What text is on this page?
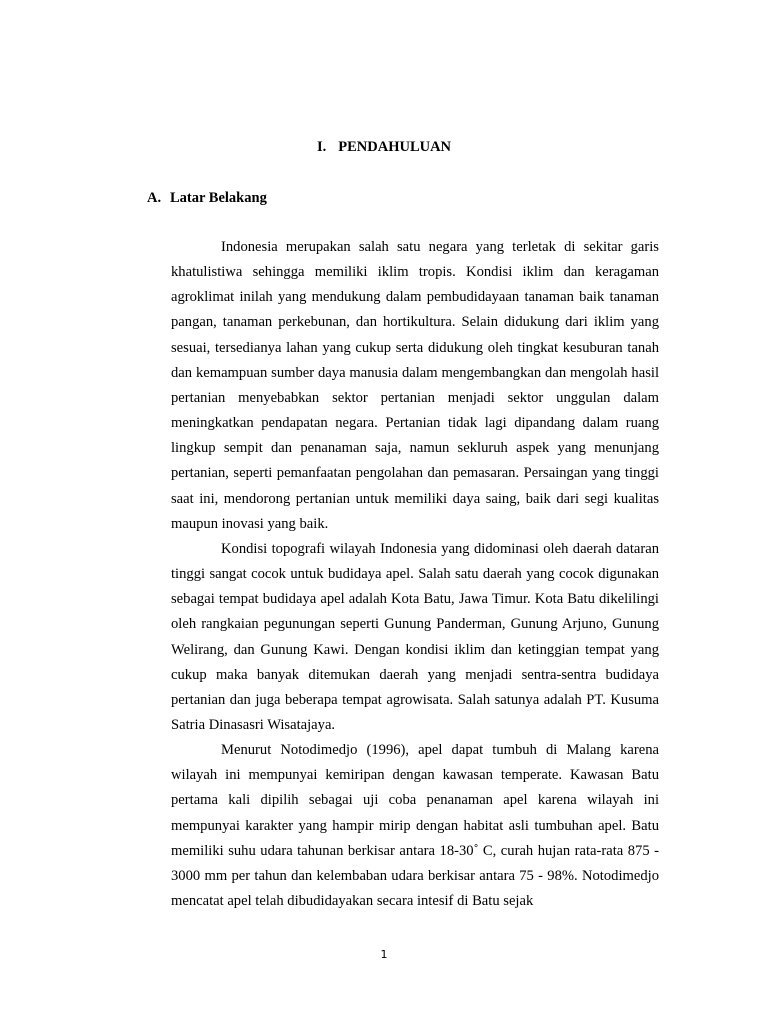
I. PENDAHULUAN
A. Latar Belakang

Indonesia merupakan salah satu negara yang terletak di sekitar garis khatulistiwa sehingga memiliki iklim tropis. Kondisi iklim dan keragaman agroklimat inilah yang mendukung dalam pembudidayaan tanaman baik tanaman pangan, tanaman perkebunan, dan hortikultura. Selain didukung dari iklim yang sesuai, tersedianya lahan yang cukup serta didukung oleh tingkat kesuburan tanah dan kemampuan sumber daya manusia dalam mengembangkan dan mengolah hasil pertanian menyebabkan sektor pertanian menjadi sektor unggulan dalam meningkatkan pendapatan negara. Pertanian tidak lagi dipandang dalam ruang lingkup sempit dan penanaman saja, namun sekluruh aspek yang menunjang pertanian, seperti pemanfaatan pengolahan dan pemasaran. Persaingan yang tinggi saat ini, mendorong pertanian untuk memiliki daya saing, baik dari segi kualitas maupun inovasi yang baik.

Kondisi topografi wilayah Indonesia yang didominasi oleh daerah dataran tinggi sangat cocok untuk budidaya apel. Salah satu daerah yang cocok digunakan sebagai tempat budidaya apel adalah Kota Batu, Jawa Timur. Kota Batu dikelilingi oleh rangkaian pegunungan seperti Gunung Panderman, Gunung Arjuno, Gunung Welirang, dan Gunung Kawi. Dengan kondisi iklim dan ketinggian tempat yang cukup maka banyak ditemukan daerah yang menjadi sentra-sentra budidaya pertanian dan juga beberapa tempat agrowisata. Salah satunya adalah PT. Kusuma Satria Dinasasri Wisatajaya.

Menurut Notodimedjo (1996), apel dapat tumbuh di Malang karena wilayah ini mempunyai kemiripan dengan kawasan temperate. Kawasan Batu pertama kali dipilih sebagai uji coba penanaman apel karena wilayah ini mempunyai karakter yang hampir mirip dengan habitat asli tumbuhan apel. Batu memiliki suhu udara tahunan berkisar antara 18-30˚ C, curah hujan rata-rata 875 - 3000 mm per tahun dan kelembaban udara berkisar antara 75 - 98%. Notodimedjo mencatat apel telah dibudidayakan secara intesif di Batu sejak

1
